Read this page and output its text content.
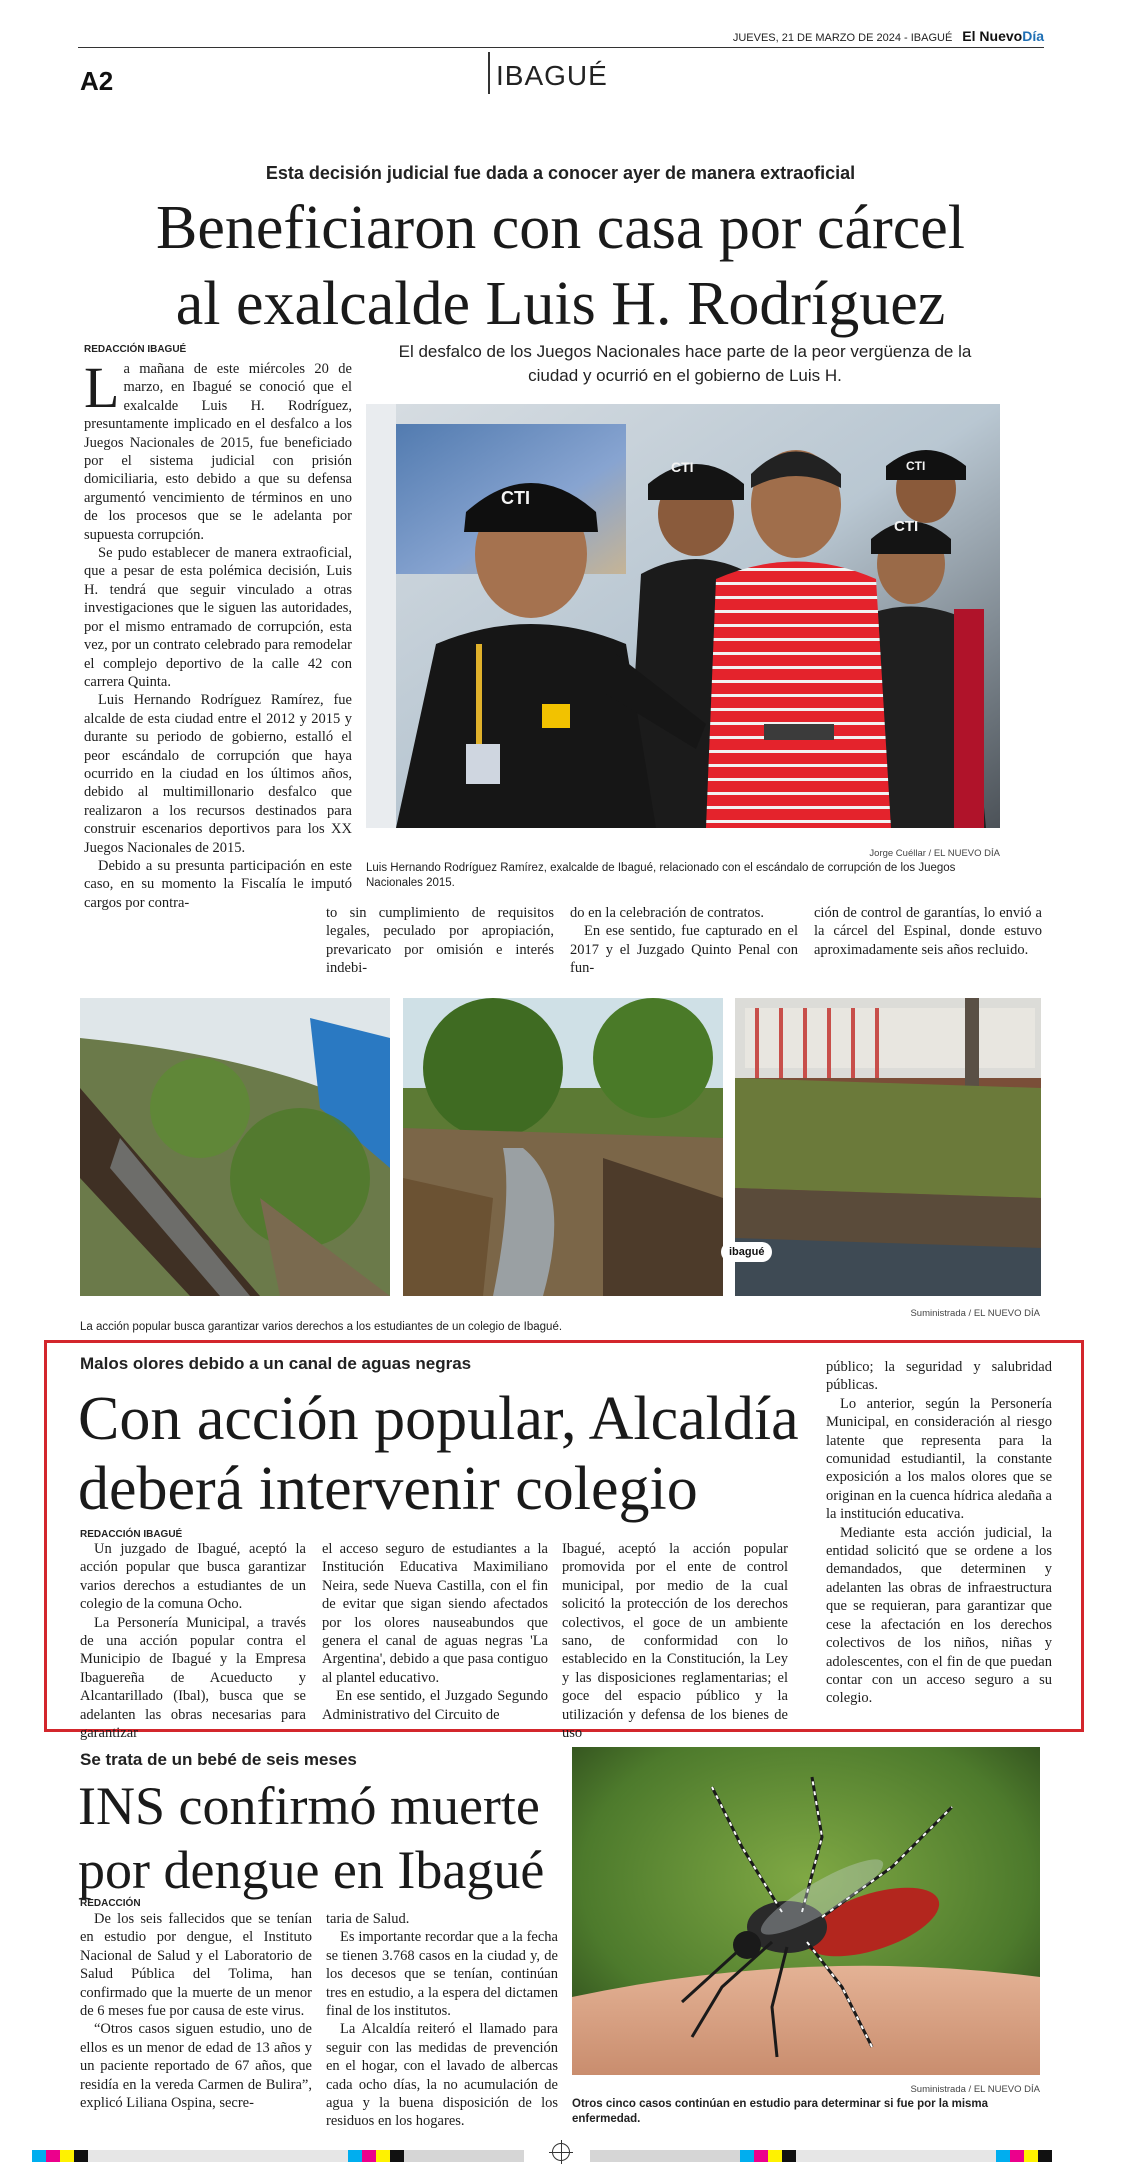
JUEVES, 21 DE MARZO DE 2024 - IBAGUÉ El NuevoDía
A2	IBAGUÉ
Esta decisión judicial fue dada a conocer ayer de manera extraoficial
Beneficiaron con casa por cárcel
al exalcalde Luis H. Rodríguez
REDACCIÓN IBAGUÉ

La mañana de este miércoles 20 de marzo, en Ibagué se conoció que el exalcalde Luis H. Rodríguez, presuntamente implicado en el desfalco a los Juegos Nacionales de 2015, fue beneficiado por el sistema judicial con prisión domiciliaria, esto debido a que su defensa argumentó vencimiento de términos en uno de los procesos que se le adelanta por supuesta corrupción.

Se pudo establecer de manera extraoficial, que a pesar de esta polémica decisión, Luis H. tendrá que seguir vinculado a otras investigaciones que le siguen las autoridades, por el mismo entramado de corrupción, esta vez, por un contrato celebrado para remodelar el complejo deportivo de la calle 42 con carrera Quinta.

Luis Hernando Rodríguez Ramírez, fue alcalde de esta ciudad entre el 2012 y 2015 y durante su periodo de gobierno, estalló el peor escándalo de corrupción que haya ocurrido en la ciudad en los últimos años, debido al multimillonario desfalco que realizaron a los recursos destinados para construir escenarios deportivos para los XX Juegos Nacionales de 2015.

Debido a su presunta participación en este caso, en su momento la Fiscalía le imputó cargos por contra-

El desfalco de los Juegos Nacionales hace parte de la peor vergüenza de la ciudad y ocurrió en el gobierno de Luis H.
CTI
CTI
CTI
CTI
Jorge Cuéllar / EL NUEVO DÍA
Luis Hernando Rodríguez Ramírez, exalcalde de Ibagué, relacionado con el escándalo de corrupción de los Juegos Nacionales 2015.

to sin cumplimiento de requisitos legales, peculado por apropiación, prevaricato por omisión e interés indebi-

do en la celebración de contratos.

En ese sentido, fue capturado en el 2017 y el Juzgado Quinto Penal con fun-

ción de control de garantías, lo envió a la cárcel del Espinal, donde estuvo aproximadamente seis años recluido.

ibagué
La acción popular busca garantizar varios derechos a los estudiantes de un colegio de Ibagué.
Suministrada / EL NUEVO DÍA
Malos olores debido a un canal de aguas negras
Con acción popular, Alcaldía
deberá intervenir colegio
REDACCIÓN IBAGUÉ

Un juzgado de Ibagué, aceptó la acción popular que busca garantizar varios derechos a estudiantes de un colegio de la comuna Ocho.

La Personería Municipal, a través de una acción popular contra el Municipio de Ibagué y la Empresa Ibaguereña de Acueducto y Alcantarillado (Ibal), busca que se adelanten las obras necesarias para garantizar

el acceso seguro de estudiantes a la Institución Educativa Maximiliano Neira, sede Nueva Castilla, con el fin de evitar que sigan siendo afectados por los olores nauseabundos que genera el canal de aguas negras 'La Argentina', debido a que pasa contiguo al plantel educativo.

En ese sentido, el Juzgado Segundo Administrativo del Circuito de

Ibagué, aceptó la acción popular promovida por el ente de control municipal, por medio de la cual solicitó la protección de los derechos colectivos, el goce de un ambiente sano, de conformidad con lo establecido en la Constitución, la Ley y las disposiciones reglamentarias; el goce del espacio público y la utilización y defensa de los bienes de uso

público; la seguridad y salubridad públicas.

Lo anterior, según la Personería Municipal, en consideración al riesgo latente que representa para la comunidad estudiantil, la constante exposición a los malos olores que se originan en la cuenca hídrica aledaña a la institución educativa.

Mediante esta acción judicial, la entidad solicitó que se ordene a los demandados, que determinen y adelanten las obras de infraestructura que se requieran, para garantizar que cese la afectación en los derechos colectivos de los niños, niñas y adolescentes, con el fin de que puedan contar con un acceso seguro a su colegio.

Se trata de un bebé de seis meses
INS confirmó muerte
por dengue en Ibagué
REDACCIÓN

De los seis fallecidos que se tenían en estudio por dengue, el Instituto Nacional de Salud y el Laboratorio de Salud Pública del Tolima, han confirmado que la muerte de un menor de 6 meses fue por causa de este virus.

“Otros casos siguen estudio, uno de ellos es un menor de edad de 13 años y un paciente reportado de 67 años, que residía en la vereda Carmen de Bulira”, explicó Liliana Ospina, secre-

taria de Salud.

Es importante recordar que a la fecha se tienen 3.768 casos en la ciudad y, de los decesos que se tenían, continúan tres en estudio, a la espera del dictamen final de los institutos.

La Alcaldía reiteró el llamado para seguir con las medidas de prevención en el hogar, con el lavado de albercas cada ocho días, la no acumulación de agua y la buena disposición de los residuos en los hogares.

Suministrada / EL NUEVO DÍA
Otros cinco casos continúan en estudio para determinar si fue por la misma enfermedad.
